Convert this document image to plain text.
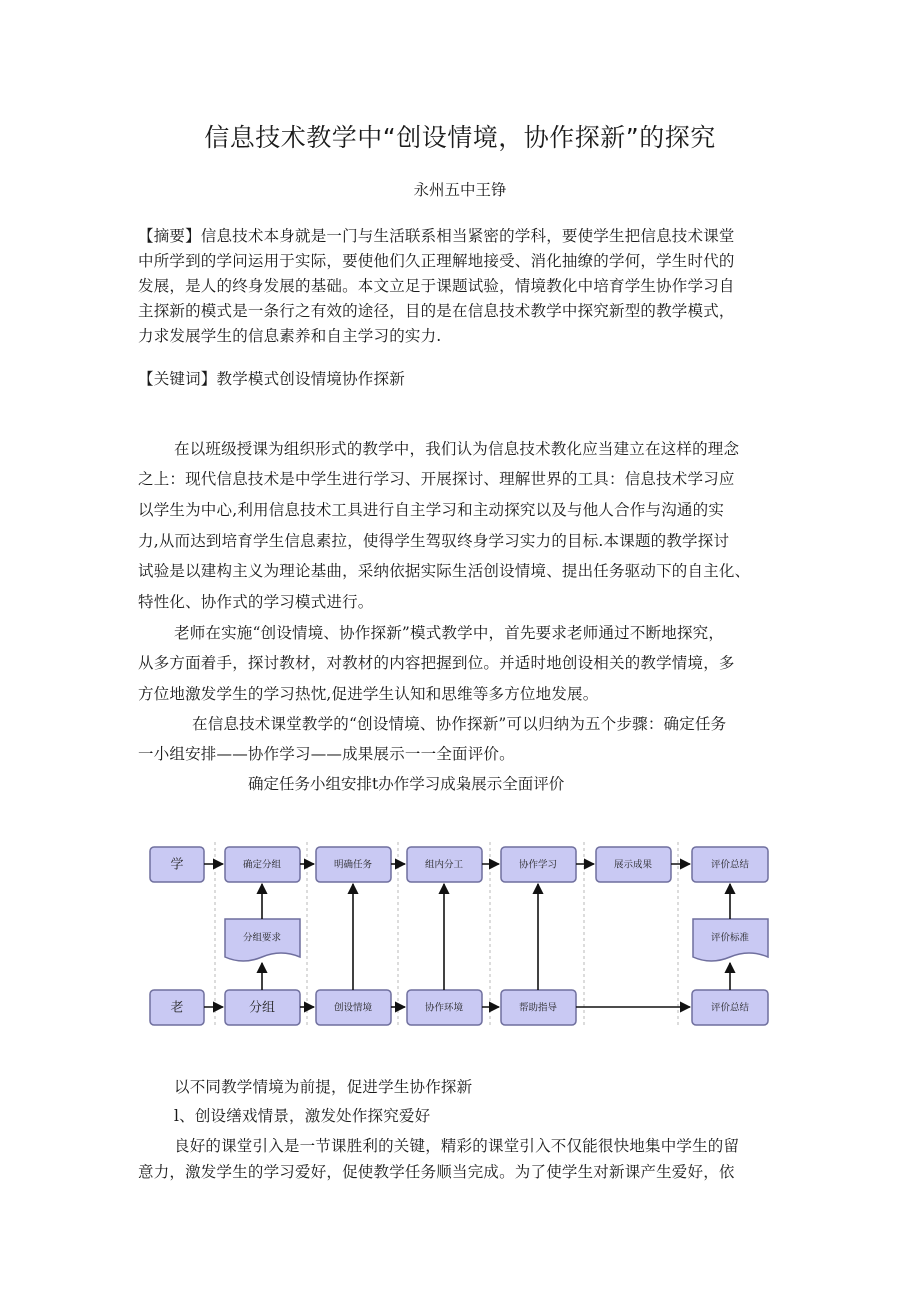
信息技术教学中“创设情境，协作探新”的探究
永州五中王铮
【摘要】信息技术本身就是一门与生活联系相当紧密的学科，要使学生把信息技术课堂
中所学到的学问运用于实际，要使他们久正理解地接受、消化抽缭的学何，学生时代的
发展，是人的终身发展的基础。本文立足于课题试验，情境教化中培育学生协作学习自
主探新的模式是一条行之有效的途径，目的是在信息技术教学中探究新型的教学模式，
力求发展学生的信息素养和自主学习的实力.
【关键词】教学模式创设情境协作探新
在以班级授课为组织形式的教学中，我们认为信息技术教化应当建立在这样的理念
之上：现代信息技术是中学生进行学习、开展探讨、理解世界的工具：信息技术学习应
以学生为中心,利用信息技术工具进行自主学习和主动探究以及与他人合作与沟通的实
力,从而达到培育学生信息素拉，使得学生驾驭终身学习实力的目标.本课题的教学探讨
试验是以建构主义为理论基曲，采纳依据实际生活创设情境、提出任务驱动下的自主化、
特性化、协作式的学习模式进行。
老师在实施“创设情境、协作探新”模式教学中，首先要求老师通过不断地探究，
从多方面着手，探讨教材，对教材的内容把握到位。并适时地创设相关的教学情境，多
方位地激发学生的学习热忱,促进学生认知和思维等多方位地发展。
在信息技术课堂教学的“创设情境、协作探新”可以归纳为五个步骤：确定任务
一小组安排——协作学习——成果展示一一全面评价。
确定任务小组安排t办作学习成枭展示全面评价
学	确定分组	明确任务	组内分工	协作学习	展示成果	评价总结
分组要求	评价标准
老	分组	创设情境	协作环境	帮助指导	评价总结
以不同教学情境为前提，促进学生协作探新
l、创设缮戏情景，激发处作探究爱好
良好的课堂引入是一节课胜利的关键，精彩的课堂引入不仅能很快地集中学生的留
意力，激发学生的学习爱好，促使教学任务顺当完成。为了使学生对新课产生爱好，依
